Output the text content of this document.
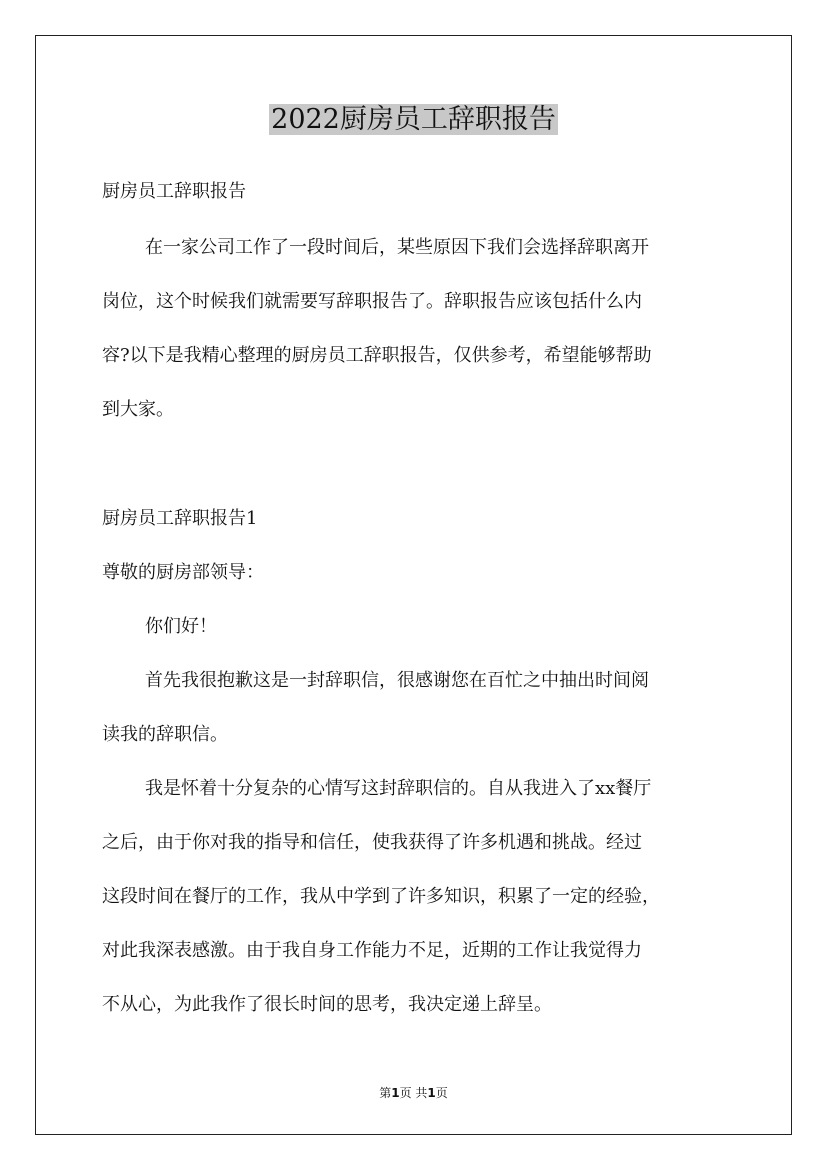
2022厨房员工辞职报告

厨房员工辞职报告

在一家公司工作了一段时间后，某些原因下我们会选择辞职离开

岗位，这个时候我们就需要写辞职报告了。辞职报告应该包括什么内

容?以下是我精心整理的厨房员工辞职报告，仅供参考，希望能够帮助

到大家。

厨房员工辞职报告1

尊敬的厨房部领导：

你们好！

首先我很抱歉这是一封辞职信，很感谢您在百忙之中抽出时间阅

读我的辞职信。

我是怀着十分复杂的心情写这封辞职信的。自从我进入了xx餐厅

之后，由于你对我的指导和信任，使我获得了许多机遇和挑战。经过

这段时间在餐厅的工作，我从中学到了许多知识，积累了一定的经验，

对此我深表感激。由于我自身工作能力不足，近期的工作让我觉得力

不从心，为此我作了很长时间的思考，我决定递上辞呈。

第1页 共1页
